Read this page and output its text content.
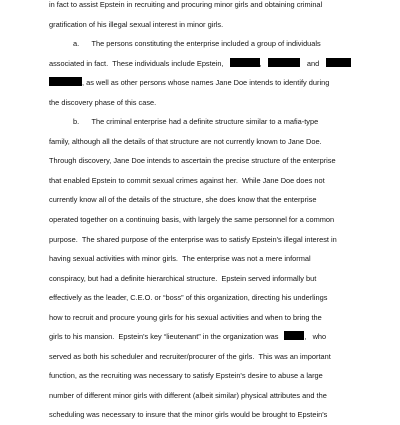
in fact to assist Epstein in recruiting and procuring minor girls and obtaining criminal
gratification of his illegal sexual interest in minor girls.
a.      The persons constituting the enterprise included a group of individuals
associated in fact.  These individuals include Epstein,	,	and
, as well as other persons whose names Jane Doe intends to identify during
the discovery phase of this case.
b.      The criminal enterprise had a definite structure similar to a mafia-type
family, although all the details of that structure are not currently known to Jane Doe.
Through discovery, Jane Doe intends to ascertain the precise structure of the enterprise
that enabled Epstein to commit sexual crimes against her.  While Jane Doe does not
currently know all of the details of the structure, she does know that the enterprise
operated together on a continuing basis, with largely the same personnel for a common
purpose.  The shared purpose of the enterprise was to satisfy Epstein's illegal interest in
having sexual activities with minor girls.  The enterprise was not a mere informal
conspiracy, but had a definite hierarchical structure.  Epstein served informally but
effectively as the leader, C.E.O. or “boss” of this organization, directing his underlings
how to recruit and procure young girls for his sexual activities and when to bring the
girls to his mansion.  Epstein's key “lieutenant” in the organization was	, who
served as both his scheduler and recruiter/procurer of the girls.  This was an important
function, as the recruiting was necessary to satisfy Epstein's desire to abuse a large
number of different minor girls with different (albeit similar) physical attributes and the
scheduling was necessary to insure that the minor girls would be brought to Epstein's
